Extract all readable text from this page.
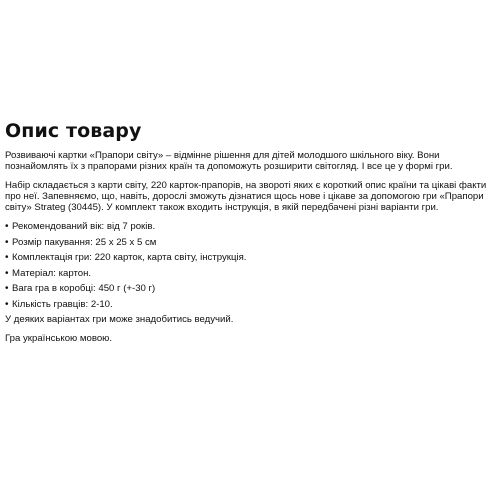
Опис товару

Розвиваючі картки «Прапори світу» – відмінне рішення для дітей молодшого шкільного віку. Вони познайомлять їх з прапорами різних країн та допоможуть розширити світогляд. І все це у формі гри.

Набір складається з карти світу, 220 карток-прапорів, на звороті яких є короткий опис країни та цікаві факти про неї. Запевняємо, що, навіть, дорослі зможуть дізнатися щось нове і цікаве за допомогою гри «Прапори світу» Strateg (30445). У комплект також входить інструкція, в якій передбачені різні варіанти гри.

• Рекомендований вік: від 7 років.
• Розмір пакування: 25 х 25 х 5 см
• Комплектація гри: 220 карток, карта світу, інструкція.
• Матеріал: картон.
• Вага гра в коробці: 450 г (+-30 г)
• Кількість гравців: 2-10.

У деяких варіантах гри може знадобитись ведучий.

Гра українською мовою.
